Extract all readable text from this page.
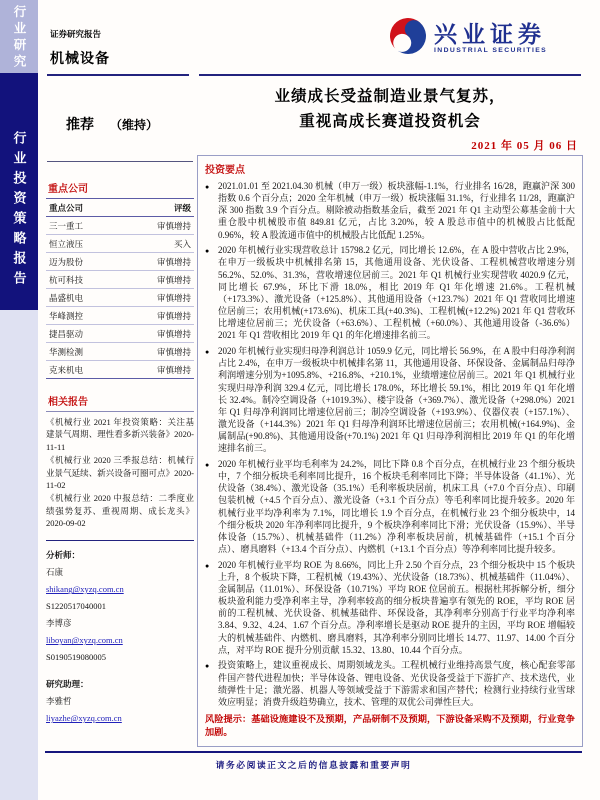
行业研究
行业投资策略报告
证券研究报告
机械设备
兴业证券
INDUSTRIAL SECURITIES
业绩成长受益制造业景气复苏，
重视高成长赛道投资机会
2021 年 05 月 06 日
推荐 （维持）
重点公司
重点公司	评级
三一重工	审慎增持
恒立液压	买入
迈为股份	审慎增持
杭可科技	审慎增持
晶盛机电	审慎增持
华峰测控	审慎增持
捷昌驱动	审慎增持
华测检测	审慎增持
克来机电	审慎增持
相关报告

《机械行业 2021 年投资策略：关注基建景气周期、理性看多新兴装备》2020-11-11

《机械行业 2020 三季报总结：机械行业景气延续、新兴设备可圈可点》2020-11-02

《机械行业 2020 中报总结：二季度业绩强势复苏、重视周期、成长龙头》2020-09-02

分析师：

石康

shikang@xyzq.com.cn

S1220517040001

李博彦

liboyan@xyzq.com.cn

S0190519080005

研究助理：

李雅哲

liyazhe@xyzq.com.cn

投资要点
● 2021.01.01 至 2021.04.30 机械（申万一级）板块涨幅-1.1%，行业排名 16/28，跑赢沪深 300 指数 0.6 个百分点；2020 全年机械（申万一级）板块涨幅 31.1%，行业排名 11/28，跑赢沪深 300 指数 3.9 个百分点。剔除被动指数基金后，截至 2021 年 Q1 主动型公募基金前十大重仓股中机械股市值 849.81 亿元，占比 3.20%，较 A 股总市值中的机械股占比低配 0.96%，较 A 股流通市值中的机械股占比低配 1.25%。
● 2020 年机械行业实现营收总计 15798.2 亿元，同比增长 12.6%，在 A 股中营收占比 2.9%，在申万一级板块中机械排名第 15，其他通用设备、光伏设备、工程机械营收增速分别 56.2%、52.0%、31.3%，营收增速位居前三。2021 年 Q1 机械行业实现营收 4020.9 亿元，同比增长 67.9%，环比下滑 18.0%，相比 2019 年 Q1 年化增速 21.6%。工程机械（+173.3%）、激光设备（+125.8%）、其他通用设备（+123.7%）2021 年 Q1 营收同比增速位居前三；农用机械(+173.6%)、机床工具(+40.3%)、工程机械(+12.2%) 2021 年 Q1 营收环比增速位居前三；光伏设备（+63.6%）、工程机械（+60.0%）、其他通用设备（-36.6%）2021 年 Q1 营收相比 2019 年 Q1 的年化增速排名前三。
● 2020 年机械行业实现归母净利润总计 1059.9 亿元，同比增长 56.9%，在 A 股中归母净利润占比 2.4%，在申万一级板块中机械排名第 11，其他通用设备、环保设备、金属制品归母净利润增速分别为+1095.8%、+216.8%、+210.1%，业绩增速位居前三。2021 年 Q1 机械行业实现归母净利润 329.4 亿元，同比增长 178.0%，环比增长 59.1%，相比 2019 年 Q1 年化增长 32.4%。制冷空调设备（+1019.3%）、楼宇设备（+369.7%）、激光设备（+298.0%）2021 年 Q1 归母净利润同比增速位居前三；制冷空调设备（+193.9%）、仪器仪表（+157.1%）、激光设备（+144.3%）2021 年 Q1 归母净利润环比增速位居前三；农用机械(+164.9%)、金属制品(+90.8%)、其他通用设备(+70.1%) 2021 年 Q1 归母净利润相比 2019 年 Q1 的年化增速排名前三。
● 2020 年机械行业平均毛利率为 24.2%，同比下降 0.8 个百分点，在机械行业 23 个细分板块中，7 个细分板块毛利率同比提升，16 个板块毛利率同比下降；半导体设备（41.1%）、光伏设备（38.4%）、激光设备（35.1%）毛利率板块居前，机床工具（+7.0 个百分点）、印刷包装机械（+4.5 个百分点）、激光设备（+3.1 个百分点）等毛利率同比提升较多。2020 年机械行业平均净利率为 7.1%，同比增长 1.9 个百分点，在机械行业 23 个细分板块中，14 个细分板块 2020 年净利率同比提升，9 个板块净利率同比下滑；光伏设备（15.9%）、半导体设备（15.7%）、机械基础件（11.2%）净利率板块居前，机械基础件（+15.1 个百分点）、磨具磨料（+13.4 个百分点）、内燃机（+13.1 个百分点）等净利率同比提升较多。
● 2020 年机械行业平均 ROE 为 8.66%，同比上升 2.50 个百分点，23 个细分板块中 15 个板块上升，8 个板块下降，工程机械（19.43%）、光伏设备（18.73%）、机械基础件（11.04%）、金属制品（11.01%）、环保设备（10.71%）平均 ROE 位居前五。根据杜邦拆解分析，细分板块盈利能力受净利率主导，净利率较高的细分板块普遍享有领先的 ROE，平均 ROE 居前的工程机械、光伏设备、机械基础件、环保设备，其净利率分别高于行业平均净利率 3.84、9.32、4.24、1.67 个百分点。净利率增长是驱动 ROE 提升的主因，平均 ROE 增幅较大的机械基础件、内燃机、磨具磨料，其净利率分别同比增长 14.77、11.97、14.00 个百分点，对平均 ROE 提升分别贡献 15.32、13.80、10.44 个百分点。
● 投资策略上，建议重视成长、周期领域龙头。工程机械行业维持高景气度，核心配套零部件国产替代进程加快；半导体设备、锂电设备、光伏设备受益于下游扩产、技术迭代，业绩弹性十足；激光器、机器人等领域受益于下游需求和国产替代；检测行业持续行业雪球效应明显；消费升级趋势确立，技术、管理的双优公司弹性巨大。
风险提示：基础设施建设不及预期，产品研制不及预期，下游设备采购不及预期，行业竞争加剧。
请务必阅读正文之后的信息披露和重要声明
